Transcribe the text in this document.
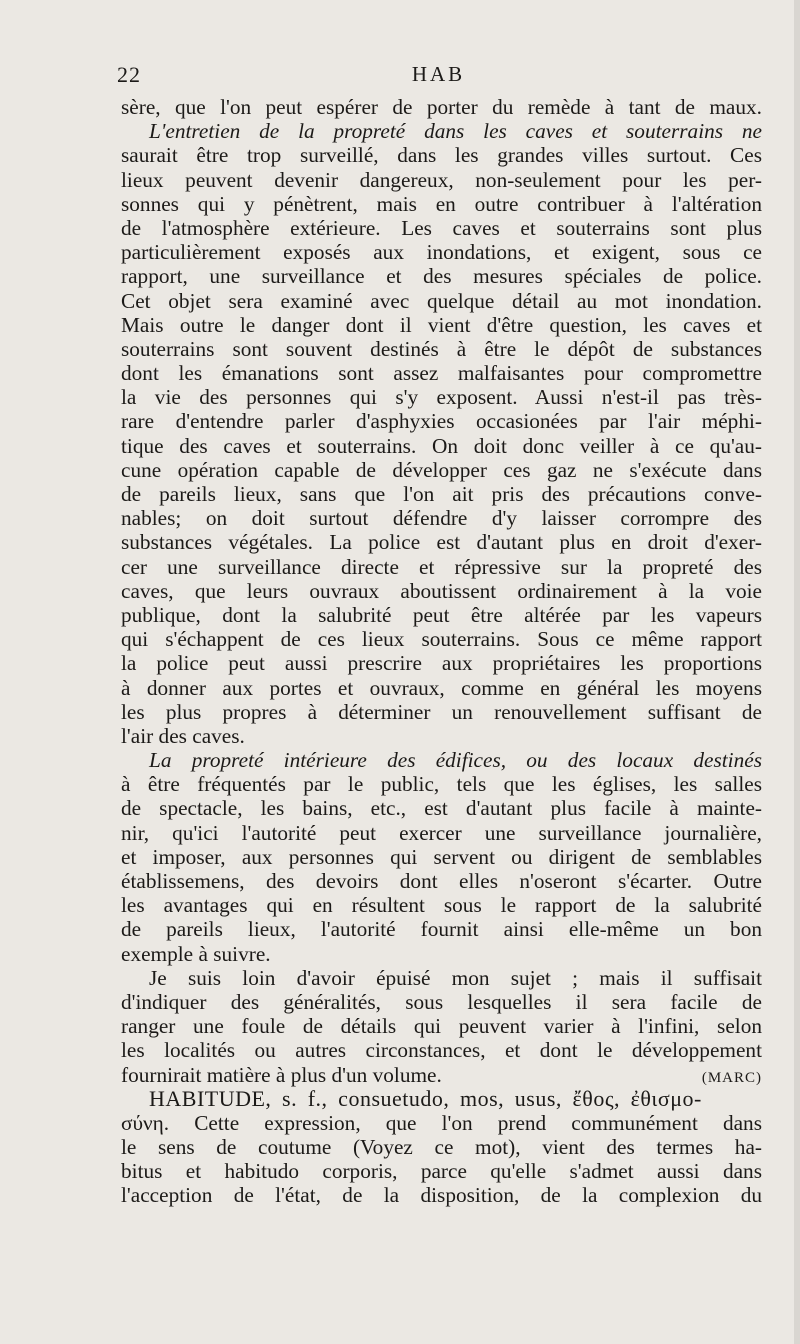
22	HAB
sère, que l'on peut espérer de porter du remède à tant de maux.
L'entretien de la propreté dans les caves et souterrains ne
saurait être trop surveillé, dans les grandes villes surtout. Ces
lieux peuvent devenir dangereux, non-seulement pour les per-
sonnes qui y pénètrent, mais en outre contribuer à l'altération
de l'atmosphère extérieure. Les caves et souterrains sont plus
particulièrement exposés aux inondations, et exigent, sous ce
rapport, une surveillance et des mesures spéciales de police.
Cet objet sera examiné avec quelque détail au mot inondation.
Mais outre le danger dont il vient d'être question, les caves et
souterrains sont souvent destinés à être le dépôt de substances
dont les émanations sont assez malfaisantes pour compromettre
la vie des personnes qui s'y exposent. Aussi n'est-il pas très-
rare d'entendre parler d'asphyxies occasionées par l'air méphi-
tique des caves et souterrains. On doit donc veiller à ce qu'au-
cune opération capable de développer ces gaz ne s'exécute dans
de pareils lieux, sans que l'on ait pris des précautions conve-
nables; on doit surtout défendre d'y laisser corrompre des
substances végétales. La police est d'autant plus en droit d'exer-
cer une surveillance directe et répressive sur la propreté des
caves, que leurs ouvraux aboutissent ordinairement à la voie
publique, dont la salubrité peut être altérée par les vapeurs
qui s'échappent de ces lieux souterrains. Sous ce même rapport
la police peut aussi prescrire aux propriétaires les proportions
à donner aux portes et ouvraux, comme en général les moyens
les plus propres à déterminer un renouvellement suffisant de
l'air des caves.
La propreté intérieure des édifices, ou des locaux destinés
à être fréquentés par le public, tels que les églises, les salles
de spectacle, les bains, etc., est d'autant plus facile à mainte-
nir, qu'ici l'autorité peut exercer une surveillance journalière,
et imposer, aux personnes qui servent ou dirigent de semblables
établissemens, des devoirs dont elles n'oseront s'écarter. Outre
les avantages qui en résultent sous le rapport de la salubrité
de pareils lieux, l'autorité fournit ainsi elle-même un bon
exemple à suivre.
Je suis loin d'avoir épuisé mon sujet ; mais il suffisait
d'indiquer des généralités, sous lesquelles il sera facile de
ranger une foule de détails qui peuvent varier à l'infini, selon
les localités ou autres circonstances, et dont le développement
fournirait matière à plus d'un volume.	(MARC)
HABITUDE, s. f., consuetudo, mos, usus, ἔθος, ἐθισμο-
σύνη. Cette expression, que l'on prend communément dans
le sens de coutume (Voyez ce mot), vient des termes ha-
bitus et habitudo corporis, parce qu'elle s'admet aussi dans
l'acception de l'état, de la disposition, de la complexion du
